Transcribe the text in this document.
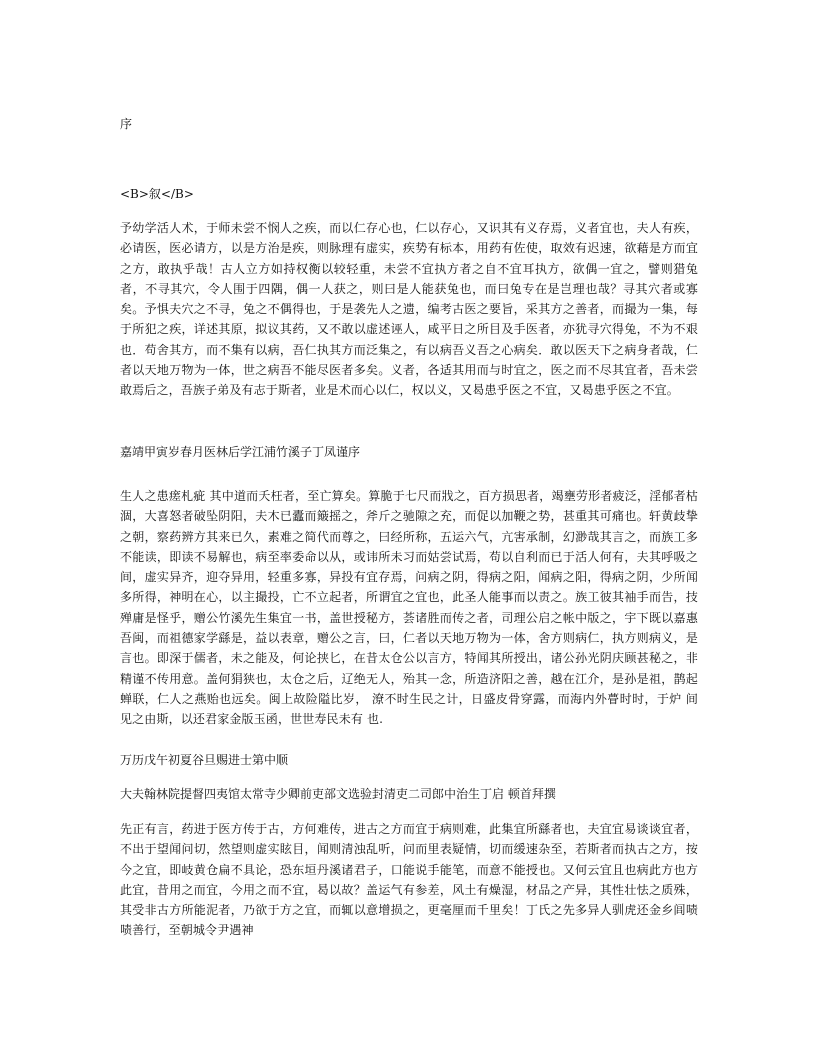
序
<B>叙</B>

予幼学活人术，于师未尝不悯人之疾，而以仁存心也，仁以存心，又识其有义存焉，义者宜也，夫人有疾，必请医，医必请方，以是方治是疾，则脉理有虚实，疾势有标本，用药有佐使，取效有迟速，欲藉是方而宜之方，敢执乎哉！古人立方如持权衡以较轻重，未尝不宜执方者之自不宜耳执方，欲偶一宜之，譬则猎兔者，不寻其穴，令人围于四隅，偶一人获之，则曰是人能获兔也，而曰兔专在是岂理也哉？寻其穴者或寡矣。予惧夫穴之不寻，兔之不偶得也，于是袭先人之遗，编考古医之要旨，采其方之善者，而撮为一集，每于所犯之疾，详述其原，拟议其药，又不敢以虚述诬人，咸平日之所目及手医者，亦犹寻穴得兔，不为不艰也．苟舍其方，而不集有以病，吾仁执其方而泛集之，有以病吾义吾之心病矣．敢以医天下之病身者哉，仁者以天地万物为一体，世之病吾不能尽医者多矣。义者，各适其用而与时宜之，医之而不尽其宜者，吾未尝敢焉后之，吾族子弟及有志于斯者，业是术而心以仁，权以义，又曷患乎医之不宜，又曷患乎医之不宜。

嘉靖甲寅岁春月医林后学江浦竹溪子丁凤谨序

生人之患瘥札疵 其中道而夭枉者，至亡算矣。算脆于七尺而戕之，百方损思者，竭壅劳形者疲泛，淫郁者枯涸，大喜怒者破坠阴阳，夫木已蠹而簸摇之，斧斤之驰隙之充，而促以加鞭之势，甚重其可痛也。轩黄歧挚之朝，察药辨方其来已久，素难之简代而尊之，曰经所称，五运六气，亢害承制，幻渺哉其言之，而族工多不能读，即读不易解也，病至率委命以从，或讳所未习而姑尝试焉，苟以自利而已于活人何有，夫其呼吸之间，虚实异齐，迎夺异用，轻重多寡，异投有宜存焉，问病之阴，得病之阳，闻病之阳，得病之阴，少所闻多所得，神明在心，以主撮投，亡不立起者，所谓宜之宜也，此圣人能事而以责之。族工彼其袖手而告，技殚庸是怪乎，赠公竹溪先生集宜一书，盖世授秘方，荟诸胜而传之者，司理公启之帐中版之，宇下既以嘉惠吾闽，而祖德家学繇是，益以表章，赠公之言，曰，仁者以天地万物为一体，舍方则病仁，执方则病义，是言也。即深于儒者，未之能及，何论挟匕，在昔太仓公以言方，特闻其所授出，诸公孙光阴庆顾甚秘之，非精谨不传用意。盖何狷狭也，太仓之后，辽绝无人，殆其一念，所造济阳之善，越在江介，是孙是祖，鹊起蝉联，仁人之燕贻也远矣。闽上故险隘比岁， 潦不时生民之计，日盛皮骨穿露，而海内外瞢时时，于炉 间见之由斯，以还君家金版玉函，世世寿民未有 也.

万历戊午初夏谷旦赐进士第中顺
大夫翰林院提督四夷馆太常寺少卿前吏部文选验封清吏二司郎中治生丁启 顿首拜撰

先正有言，药进于医方传于古，方何难传，进古之方而宜于病则难，此集宜所繇者也，夫宜宜易谈谈宜者，不出于望闻问切，然望则虚实眩目，闻则清浊乱听，问而里表疑情，切而缓速杂至，若斯者而执古之方，按今之宜，即岐黄仓扁不具论，恐东垣丹溪诸君子，口能说手能笔，而意不能授也。又何云宜且也病此方也方此宜，昔用之而宜，今用之而不宜，曷以故？盖运气有参差，风土有燥湿，材品之产异，其性壮怯之质殊，其受非古方所能泥者，乃欲于方之宜，而辄以意增损之，更毫厘而千里矣！丁氏之先多异人驯虎还金乡闾啧啧善行，至朝城令尹遇神
